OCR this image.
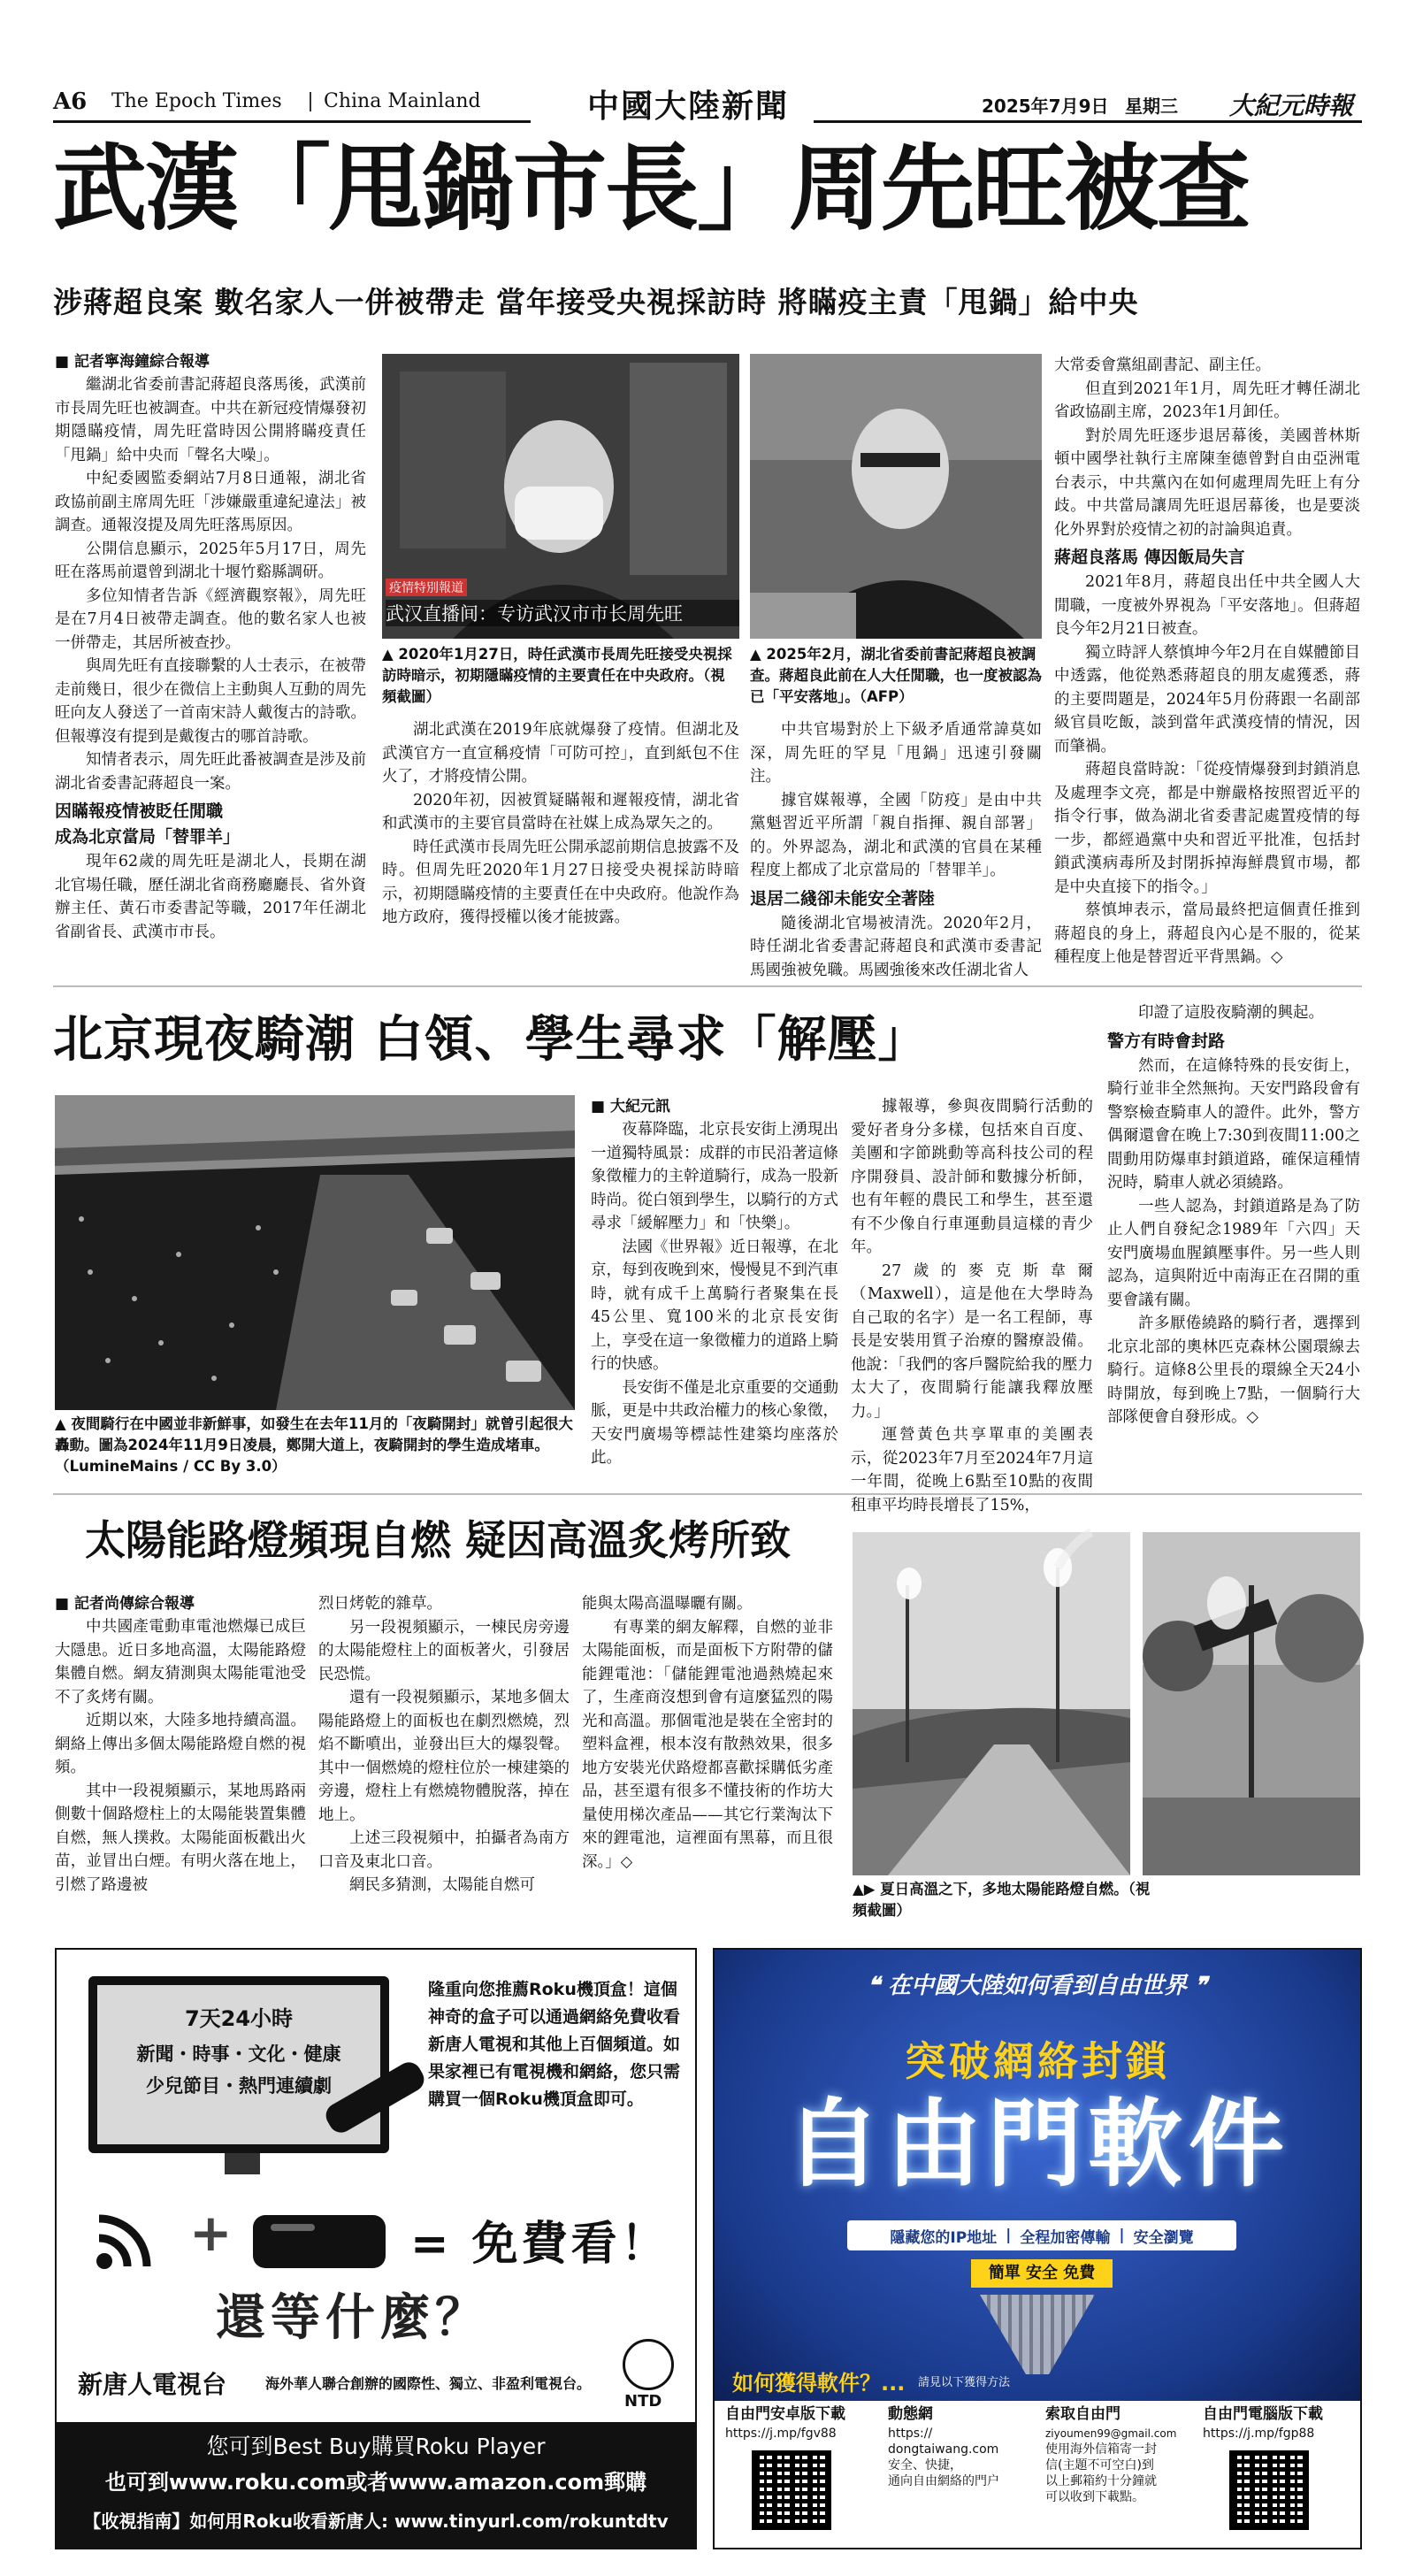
A6 The Epoch Times China Mainland	中國大陸新聞	2025年7月9日 星期三 大紀元時報
武漢「甩鍋市長」周先旺被查
涉蔣超良案 數名家人一併被帶走 當年接受央視採訪時 將瞞疫主責「甩鍋」給中央

■ 記者寧海鐘綜合報導

繼湖北省委前書記蔣超良落馬後，武漢前市長周先旺也被調查。中共在新冠疫情爆發初期隱瞞疫情，周先旺當時因公開將瞞疫責任「甩鍋」給中央而「聲名大噪」。

中紀委國監委網站7月8日通報，湖北省政協前副主席周先旺「涉嫌嚴重違紀違法」被調查。通報沒提及周先旺落馬原因。

公開信息顯示，2025年5月17日，周先旺在落馬前還曾到湖北十堰竹谿縣調研。

多位知情者告訴《經濟觀察報》，周先旺是在7月4日被帶走調查。他的數名家人也被一併帶走，其居所被查抄。

與周先旺有直接聯繫的人士表示，在被帶走前幾日，很少在微信上主動與人互動的周先旺向友人發送了一首南宋詩人戴復古的詩歌。但報導沒有提到是戴復古的哪首詩歌。

知情者表示，周先旺此番被調查是涉及前湖北省委書記蔣超良一案。

因瞞報疫情被貶任閒職
成為北京當局「替罪羊」

現年62歲的周先旺是湖北人，長期在湖北官場任職，歷任湖北省商務廳廳長、省外資辦主任、黃石市委書記等職，2017年任湖北省副省長、武漢市市長。

疫情特別報道
武汉直播间：专访武汉市市长周先旺
▲ 2020年1月27日，時任武漢市長周先旺接受央視採訪時暗示，初期隱瞞疫情的主要責任在中央政府。（視頻截圖）
▲ 2025年2月，湖北省委前書記蔣超良被調查。蔣超良此前在人大任閒職，也一度被認為已「平安落地」。（AFP）

湖北武漢在2019年底就爆發了疫情。但湖北及武漢官方一直宣稱疫情「可防可控」，直到紙包不住火了，才將疫情公開。

2020年初，因被質疑瞞報和遲報疫情，湖北省和武漢市的主要官員當時在社媒上成為眾矢之的。

時任武漢市長周先旺公開承認前期信息披露不及時。但周先旺2020年1月27日接受央視採訪時暗示，初期隱瞞疫情的主要責任在中央政府。他說作為地方政府，獲得授權以後才能披露。

中共官場對於上下級矛盾通常諱莫如深，周先旺的罕見「甩鍋」迅速引發關注。

據官媒報導，全國「防疫」是由中共黨魁習近平所謂「親自指揮、親自部署」的。外界認為，湖北和武漢的官員在某種程度上都成了北京當局的「替罪羊」。

退居二綫卻未能安全著陸

隨後湖北官場被清洗。2020年2月，時任湖北省委書記蔣超良和武漢市委書記馬國強被免職。馬國強後來改任湖北省人

大常委會黨組副書記、副主任。

但直到2021年1月，周先旺才轉任湖北省政協副主席，2023年1月卸任。

對於周先旺逐步退居幕後，美國普林斯頓中國學社執行主席陳奎德曾對自由亞洲電台表示，中共黨內在如何處理周先旺上有分歧。中共當局讓周先旺退居幕後，也是要淡化外界對於疫情之初的討論與追責。

蔣超良落馬 傳因飯局失言

2021年8月，蔣超良出任中共全國人大閒職，一度被外界視為「平安落地」。但蔣超良今年2月21日被查。

獨立時評人蔡慎坤今年2月在自媒體節目中透露，他從熟悉蔣超良的朋友處獲悉，蔣的主要問題是，2024年5月份蔣跟一名副部級官員吃飯，談到當年武漢疫情的情況，因而肇禍。

蔣超良當時說：「從疫情爆發到封鎖消息及處理李文亮，都是中辦嚴格按照習近平的指令行事，做為湖北省委書記處置疫情的每一步，都經過黨中央和習近平批准，包括封鎖武漢病毒所及封閉拆掉海鮮農貿市場，都是中央直接下的指令。」

蔡慎坤表示，當局最終把這個責任推到蔣超良的身上，蔣超良內心是不服的，從某種程度上他是替習近平背黑鍋。◇

北京現夜騎潮 白領、學生尋求「解壓」
▲ 夜間騎行在中國並非新鮮事，如發生在去年11月的「夜騎開封」就曾引起很大轟動。圖為2024年11月9日凌晨，鄭開大道上，夜騎開封的學生造成堵車。（LumineMains / CC By 3.0）

■ 大紀元訊

夜幕降臨，北京長安街上湧現出一道獨特風景：成群的市民沿著這條象徵權力的主幹道騎行，成為一股新時尚。從白領到學生，以騎行的方式尋求「緩解壓力」和「快樂」。

法國《世界報》近日報導，在北京，每到夜晚到來，慢慢見不到汽車時，就有成千上萬騎行者聚集在長45公里、寬100米的北京長安街上，享受在這一象徵權力的道路上騎行的快感。

長安街不僅是北京重要的交通動脈，更是中共政治權力的核心象徵，天安門廣場等標誌性建築均座落於此。

據報導，參與夜間騎行活動的愛好者身分多樣，包括來自百度、美團和字節跳動等高科技公司的程序開發員、設計師和數據分析師，也有年輕的農民工和學生，甚至還有不少像自行車運動員這樣的青少年。

27歲的麥克斯韋爾（Maxwell），這是他在大學時為自己取的名字）是一名工程師，專長是安裝用質子治療的醫療設備。他說：「我們的客戶醫院給我的壓力太大了，夜間騎行能讓我釋放壓力。」

運營黃色共享單車的美團表示，從2023年7月至2024年7月這一年間，從晚上6點至10點的夜間租車平均時長增長了15%，

印證了這股夜騎潮的興起。

警方有時會封路

然而，在這條特殊的長安街上，騎行並非全然無拘。天安門路段會有警察檢查騎車人的證件。此外，警方偶爾還會在晚上7:30到夜間11:00之間動用防爆車封鎖道路，確保這種情況時，騎車人就必須繞路。

一些人認為，封鎖道路是為了防止人們自發紀念1989年「六四」天安門廣場血腥鎮壓事件。另一些人則認為，這與附近中南海正在召開的重要會議有關。

許多厭倦繞路的騎行者，選擇到北京北部的奧林匹克森林公園環線去騎行。這條8公里長的環線全天24小時開放，每到晚上7點，一個騎行大部隊便會自發形成。◇

太陽能路燈頻現自燃 疑因高溫炙烤所致

■ 記者尚傳綜合報導

中共國產電動車電池燃爆已成巨大隱患。近日多地高溫，太陽能路燈集體自燃。網友猜測與太陽能電池受不了炙烤有關。

近期以來，大陸多地持續高溫。網絡上傳出多個太陽能路燈自燃的視頻。

其中一段視頻顯示，某地馬路兩側數十個路燈柱上的太陽能裝置集體自燃，無人撲救。太陽能面板戳出火苗，並冒出白煙。有明火落在地上，引燃了路邊被

烈日烤乾的雜草。

另一段視頻顯示，一棟民房旁邊的太陽能燈柱上的面板著火，引發居民恐慌。

還有一段視頻顯示，某地多個太陽能路燈上的面板也在劇烈燃燒，烈焰不斷噴出，並發出巨大的爆裂聲。其中一個燃燒的燈柱位於一棟建築的旁邊，燈柱上有燃燒物體脫落，掉在地上。

上述三段視頻中，拍攝者為南方口音及東北口音。

網民多猜測，太陽能自燃可

能與太陽高溫曝曬有關。

有專業的網友解釋，自燃的並非太陽能面板，而是面板下方附帶的儲能鋰電池：「儲能鋰電池過熱燒起來了，生產商沒想到會有這麼猛烈的陽光和高溫。那個電池是裝在全密封的塑料盒裡，根本沒有散熱效果，很多地方安裝光伏路燈都喜歡採購低劣產品，甚至還有很多不懂技術的作坊大量使用梯次產品——其它行業淘汰下來的鋰電池，這裡面有黑幕，而且很深。」◇

▲▶ 夏日高溫之下，多地太陽能路燈自燃。（視頻截圖）
7天24小時
新聞・時事・文化・健康
少兒節目・熱門連續劇
隆重向您推薦Roku機頂盒！這個神奇的盒子可以通過網絡免費收看新唐人電視和其他上百個頻道。如果家裡已有電視機和網絡，您只需購買一個Roku機頂盒即可。
+	= 免費看！
還等什麼？
新唐人電視台	海外華人聯合創辦的國際性、獨立、非盈利電視台。
NTD
您可到Best Buy購買Roku Player
也可到www.roku.com或者www.amazon.com郵購
【收視指南】如何用Roku收看新唐人: www.tinyurl.com/rokuntdtv
❝ 在中國大陸如何看到自由世界 ❞
突破網絡封鎖
自由門軟件
隱藏您的IP地址 | 全程加密傳輸 | 安全瀏覽
簡單 安全 免費
如何獲得軟件？... 請見以下獲得方法
自由門安卓版下載
https://j.mp/fgv88
動態網
https://
dongtaiwang.com
安全、快捷，
通向自由網絡的門户
索取自由門
ziyoumen99@gmail.com
使用海外信箱寄一封
信(主題不可空白)到
以上郵箱約十分鐘就
可以收到下載點。
自由門電腦版下載
https://j.mp/fgp88
